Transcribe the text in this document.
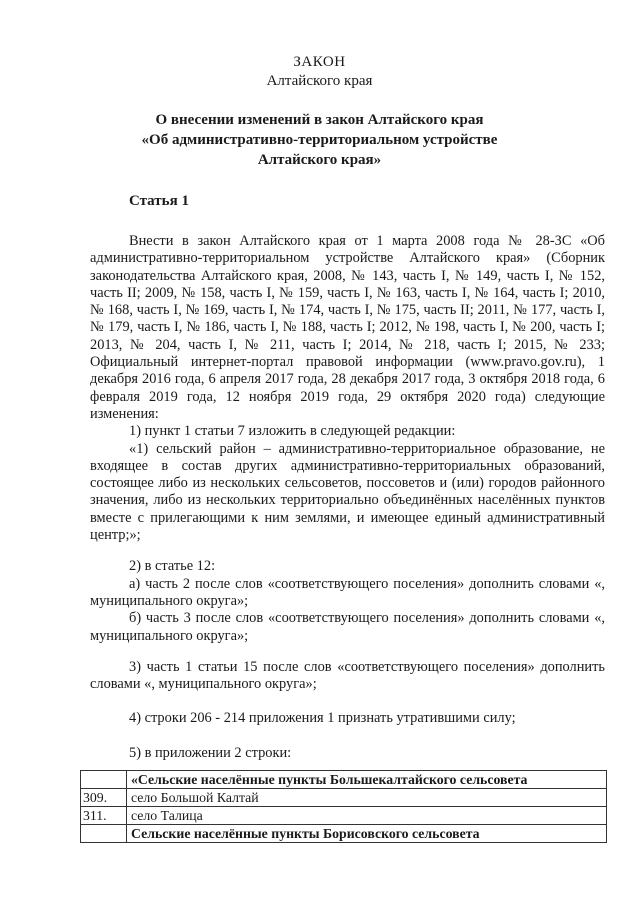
ЗАКОН
Алтайского края
О внесении изменений в закон Алтайского края
«Об административно-территориальном устройстве
Алтайского края»
Статья 1

Внести в закон Алтайского края от 1 марта 2008 года № 28-ЗС «Об административно-территориальном устройстве Алтайского края» (Сборник законодательства Алтайского края, 2008, № 143, часть I, № 149, часть I, № 152, часть II; 2009, № 158, часть I, № 159, часть I, № 163, часть I, № 164, часть I; 2010, № 168, часть I, № 169, часть I, № 174, часть I, № 175, часть II; 2011, № 177, часть I, № 179, часть I, № 186, часть I, № 188, часть I; 2012, № 198, часть I, № 200, часть I; 2013, № 204, часть I, № 211, часть I; 2014, № 218, часть I; 2015, № 233; Официальный интернет-портал правовой информации (www.pravo.gov.ru), 1 декабря 2016 года, 6 апреля 2017 года, 28 декабря 2017 года, 3 октября 2018 года, 6 февраля 2019 года, 12 ноября 2019 года, 29 октября 2020 года) следующие изменения:

1) пункт 1 статьи 7 изложить в следующей редакции:

«1) сельский район – административно-территориальное образование, не входящее в состав других административно-территориальных образований, состоящее либо из нескольких сельсоветов, поссоветов и (или) городов районного значения, либо из нескольких территориально объединённых населённых пунктов вместе с прилегающими к ним землями, и имеющее единый административный центр;»;

2) в статье 12:

а) часть 2 после слов «соответствующего поселения» дополнить словами «, муниципального округа»;

б) часть 3 после слов «соответствующего поселения» дополнить словами «, муниципального округа»;

3) часть 1 статьи 15 после слов «соответствующего поселения» дополнить словами «, муниципального округа»;

4) строки 206 - 214 приложения 1 признать утратившими силу;

5) в приложении 2 строки:

	«Сельские населённые пункты Большекалтайского сельсовета
309.	село Большой Калтай
311.	село Талица
	Сельские населённые пункты Борисовского сельсовета
